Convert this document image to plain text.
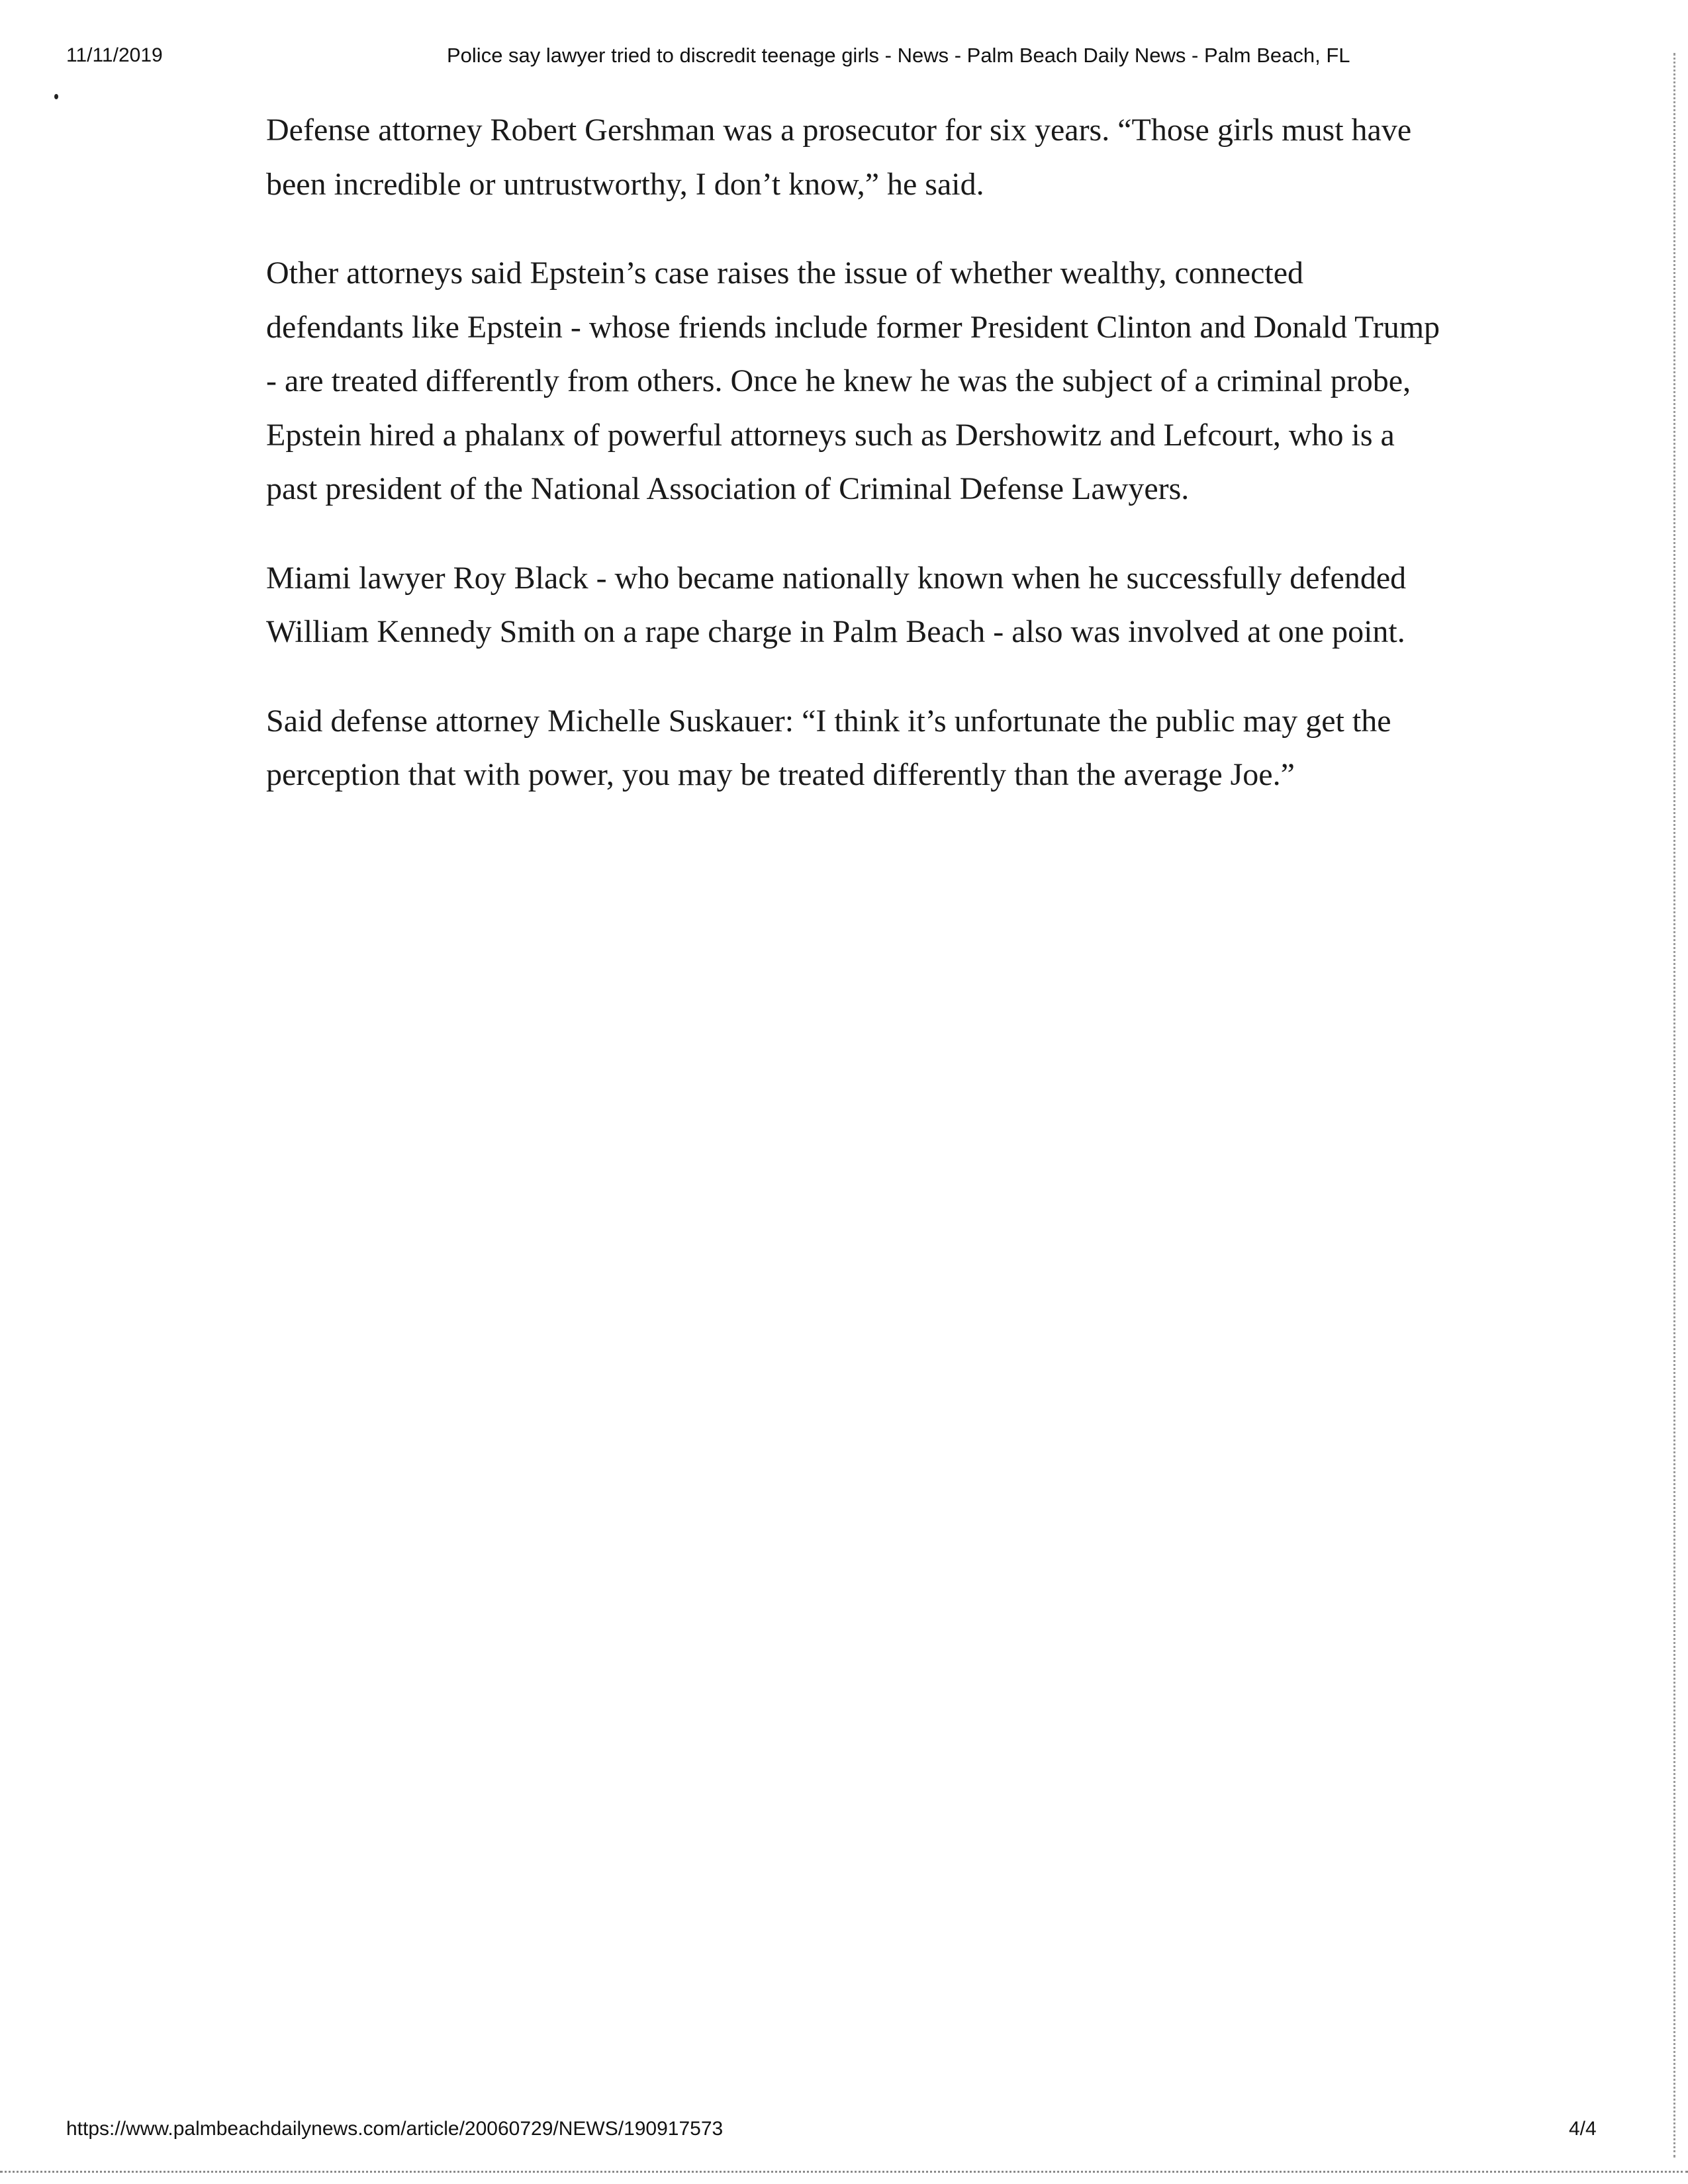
11/11/2019	Police say lawyer tried to discredit teenage girls - News - Palm Beach Daily News - Palm Beach, FL

Defense attorney Robert Gershman was a prosecutor for six years. “Those girls must have been incredible or untrustworthy, I don’t know,” he said.

Other attorneys said Epstein’s case raises the issue of whether wealthy, connected defendants like Epstein - whose friends include former President Clinton and Donald Trump - are treated differently from others. Once he knew he was the subject of a criminal probe, Epstein hired a phalanx of powerful attorneys such as Dershowitz and Lefcourt, who is a past president of the National Association of Criminal Defense Lawyers.

Miami lawyer Roy Black - who became nationally known when he successfully defended William Kennedy Smith on a rape charge in Palm Beach - also was involved at one point.

Said defense attorney Michelle Suskauer: “I think it’s unfortunate the public may get the perception that with power, you may be treated differently than the average Joe.”

https://www.palmbeachdailynews.com/article/20060729/NEWS/190917573	4/4
